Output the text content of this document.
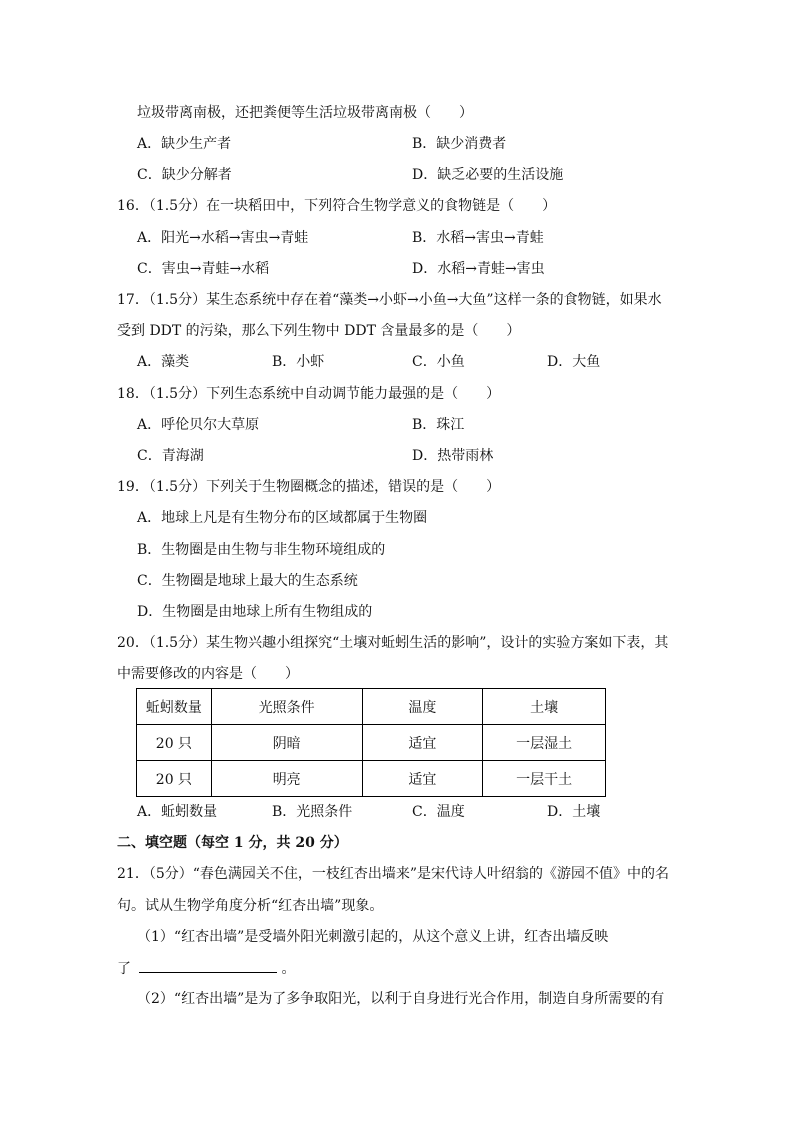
垃圾带离南极，还把粪便等生活垃圾带离南极（　　）
A．缺少生产者	B．缺少消费者
C．缺少分解者	D．缺乏必要的生活设施
16．（1.5分）在一块稻田中，下列符合生物学意义的食物链是（　　）
A．阳光→水稻→害虫→青蛙	B．水稻→害虫→青蛙
C．害虫→青蛙→水稻	D．水稻→青蛙→害虫
17．（1.5分）某生态系统中存在着“藻类→小虾→小鱼→大鱼”这样一条的食物链，如果水
受到 DDT 的污染，那么下列生物中 DDT 含量最多的是（　　）
A．藻类	B．小虾	C．小鱼	D．大鱼
18．（1.5分）下列生态系统中自动调节能力最强的是（　　）
A．呼伦贝尔大草原	B．珠江
C．青海湖	D．热带雨林
19．（1.5分）下列关于生物圈概念的描述，错误的是（　　）
A．地球上凡是有生物分布的区域都属于生物圈
B．生物圈是由生物与非生物环境组成的
C．生物圈是地球上最大的生态系统
D．生物圈是由地球上所有生物组成的
20．（1.5分）某生物兴趣小组探究“土壤对蚯蚓生活的影响”，设计的实验方案如下表，其
中需要修改的内容是（　　）
蚯蚓数量	光照条件	温度	土壤
20 只	阴暗	适宜	一层湿土
20 只	明亮	适宜	一层干土
A．蚯蚓数量	B．光照条件	C．温度	D．土壤
二、填空题（每空 1 分，共 20 分）
21．（5分）“春色满园关不住，一枝红杏出墙来”是宋代诗人叶绍翁的《游园不值》中的名
句。试从生物学角度分析“红杏出墙”现象。
（1）“红杏出墙”是受墙外阳光刺激引起的，从这个意义上讲，红杏出墙反映
了	。
（2）“红杏出墙”是为了多争取阳光，以利于自身进行光合作用，制造自身所需要的有
